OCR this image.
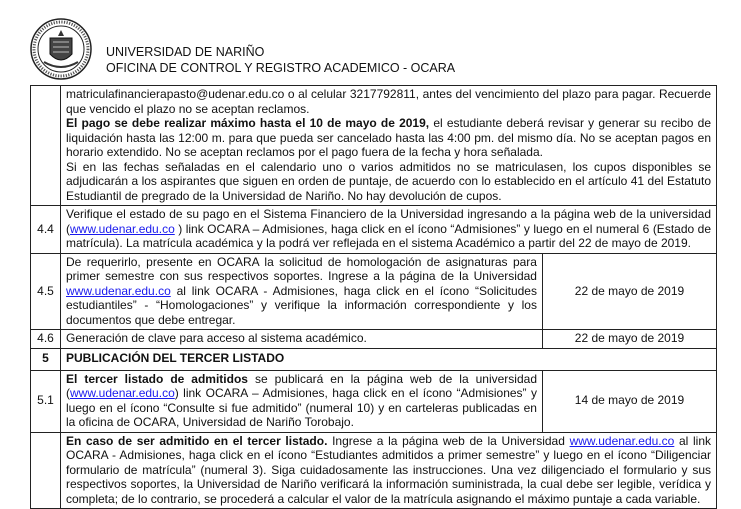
UNIVERSIDAD DE NARIÑO
OFICINA DE CONTROL Y REGISTRO ACADEMICO - OCARA

	matriculafinancierapasto@udenar.edu.co o al celular 3217792811, antes del vencimiento del plazo para pagar. Recuerde que vencido el plazo no se aceptan reclamos.

El pago se debe realizar máximo hasta el 10 de mayo de 2019, el estudiante deberá revisar y generar su recibo de liquidación hasta las 12:00 m. para que pueda ser cancelado hasta las 4:00 pm. del mismo día. No se aceptan pagos en horario extendido. No se aceptan reclamos por el pago fuera de la fecha y hora señalada.

Si en las fechas señaladas en el calendario uno o varios admitidos no se matriculasen, los cupos disponibles se adjudicarán a los aspirantes que siguen en orden de puntaje, de acuerdo con lo establecido en el artículo 41 del Estatuto Estudiantil de pregrado de la Universidad de Nariño. No hay devolución de cupos.	

4.4	Verifique el estado de su pago en el Sistema Financiero de la Universidad ingresando a la página web de la universidad (www.udenar.edu.co ) link OCARA – Admisiones, haga click en el ícono “Admisiones” y luego en el numeral 6 (Estado de matrícula). La matrícula académica y la podrá ver reflejada en el sistema Académico a partir del 22 de mayo de 2019.	
4.5	De requerirlo, presente en OCARA la solicitud de homologación de asignaturas para primer semestre con sus respectivos soportes. Ingrese a la página de la Universidad www.udenar.edu.co al link OCARA - Admisiones, haga click en el ícono “Solicitudes estudiantiles” - “Homologaciones” y verifique la información correspondiente y los documentos que debe entregar.	22 de mayo de 2019
4.6	Generación de clave para acceso al sistema académico.	22 de mayo de 2019
5	PUBLICACIÓN DEL TERCER LISTADO	
5.1	El tercer listado de admitidos se publicará en la página web de la universidad (www.udenar.edu.co) link OCARA – Admisiones, haga click en el ícono “Admisiones” y luego en el ícono “Consulte si fue admitido” (numeral 10) y en carteleras publicadas en la oficina de OCARA, Universidad de Nariño Torobajo.	14 de mayo de 2019
	En caso de ser admitido en el tercer listado. Ingrese a la página web de la Universidad www.udenar.edu.co al link OCARA - Admisiones, haga click en el ícono “Estudiantes admitidos a primer semestre” y luego en el ícono “Diligenciar formulario de matrícula” (numeral 3). Siga cuidadosamente las instrucciones. Una vez diligenciado el formulario y sus respectivos soportes, la Universidad de Nariño verificará la información suministrada, la cual debe ser legible, verídica y completa; de lo contrario, se procederá a calcular el valor de la matrícula asignando el máximo puntaje a cada variable.	
